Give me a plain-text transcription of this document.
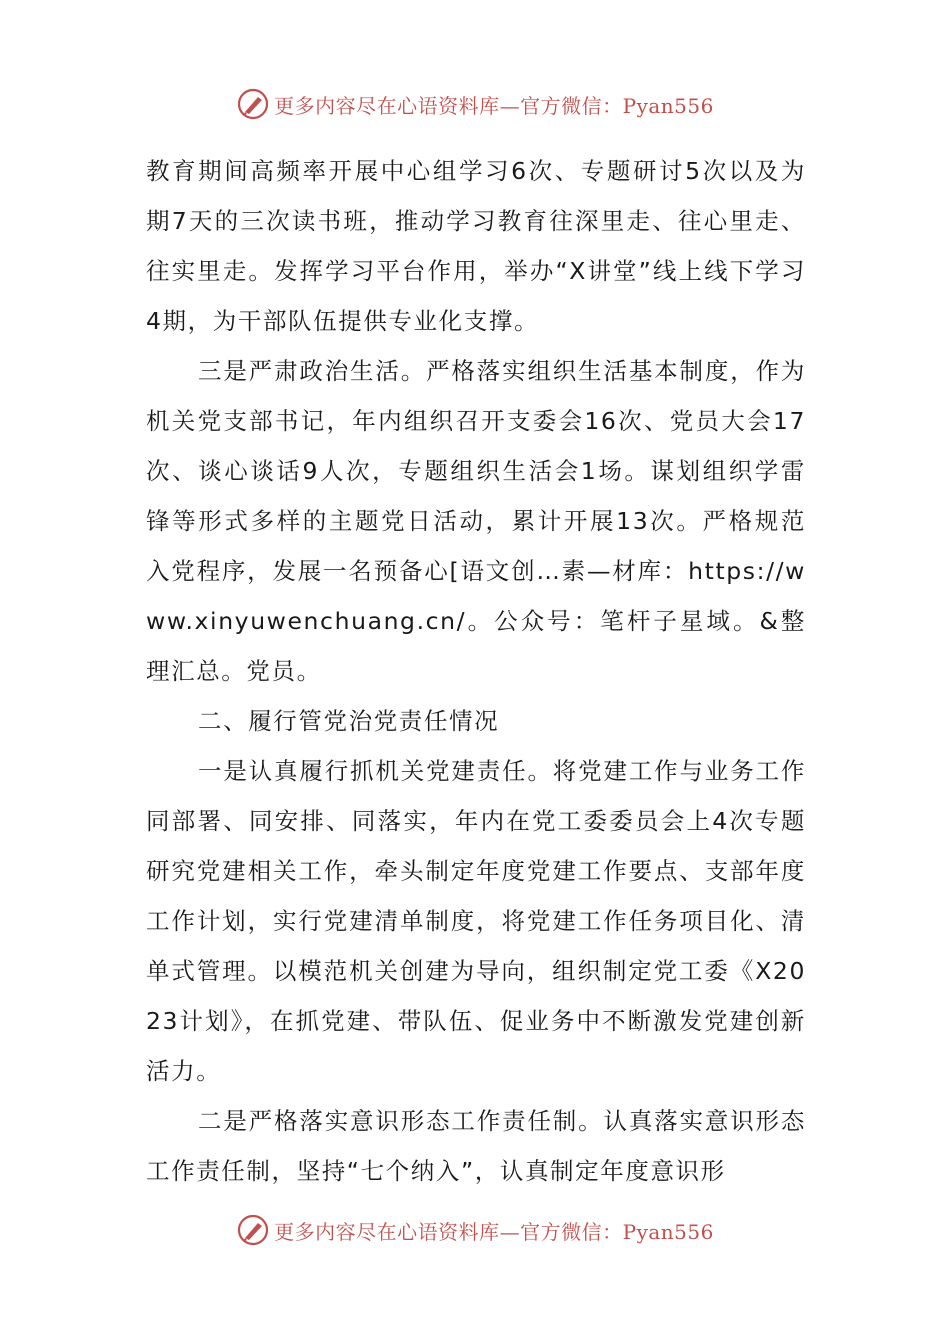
更多内容尽在心语资料库—官方微信：Pyan556

教育期间高频率开展中心组学习6次、专题研讨5次以及为期7天的三次读书班，推动学习教育往深里走、往心里走、往实里走。发挥学习平台作用，举办“X讲堂”线上线下学习4期，为干部队伍提供专业化支撑。

三是严肃政治生活。严格落实组织生活基本制度，作为机关党支部书记，年内组织召开支委会16次、党员大会17次、谈心谈话9人次，专题组织生活会1场。谋划组织学雷锋等形式多样的主题党日活动，累计开展13次。严格规范入党程序，发展一名预备心[语文创…素—材库：https://www.xinyuwenchuang.cn/。公众号：笔杆子星域。&整理汇总。党员。

二、履行管党治党责任情况

一是认真履行抓机关党建责任。将党建工作与业务工作同部署、同安排、同落实，年内在党工委委员会上4次专题研究党建相关工作，牵头制定年度党建工作要点、支部年度工作计划，实行党建清单制度，将党建工作任务项目化、清单式管理。以模范机关创建为导向，组织制定党工委《X2023计划》，在抓党建、带队伍、促业务中不断激发党建创新活力。

二是严格落实意识形态工作责任制。认真落实意识形态工作责任制，坚持“七个纳入”，认真制定年度意识形

更多内容尽在心语资料库—官方微信：Pyan556
